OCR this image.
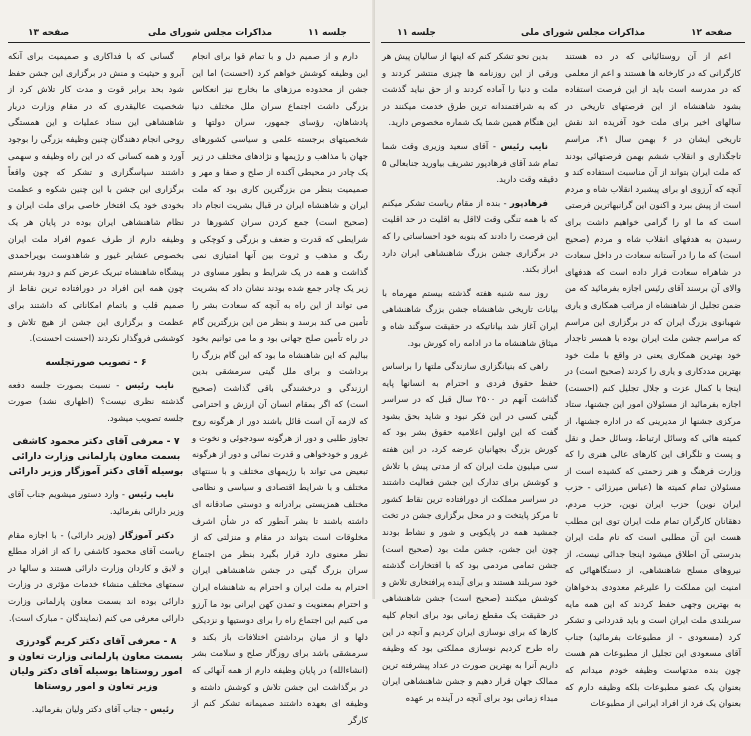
صفحه ۱۳	مذاکرات مجلس شورای ملی	جلسه ۱۱

گسانی که با فداکاری و صمیمیت برای آنکه آبرو و حیثیت و منش در برگزاری این جشن حفظ شود بحد برابر قوت و مدت کار تلاش کرد از شخصیت عالیقدری که در مقام وزارت دربار شاهنشاهی این ستاد عملیات و این همستگی روحی انجام دهندگان چنین وظیفه بزرگی را بوجود آورد و همه کسانی که در این راه وظیفه و سهمی داشتند سپاسگزاری و تشکر که چون واقعاً برگزاری این جشن با این چنین شکوه و عظمت بخودی خود یک افتخار خاصی برای ملت ایران و نظام شاهنشاهی ایران بوده در پایان هر یک وظیفه دارم از طرف عموم افراد ملت ایران بخصوص عشایر غیور و شاهدوست بویراحمدی پیشگاه شاهنشاه تبریک عرض کنم و درود بفرستم چون همه این افراد در دورافتاده ترین نقاط از صمیم قلب و باتمام امکاناتی که داشتند برای عظمت و برگزاری این جشن از هیچ تلاش و کوششی فروگذار نکردند (احسنت احسنت).

۶ - تصویب صورتجلسه

نایب رئیس - نسبت بصورت جلسه دفعه گذشته نظری نیست؟ (اظهاری نشد) صورت جلسه تصویب میشود.

۷ - معرفی آقای دکتر محمود کاشفی بسمت معاون پارلمانی وزارت دارائی بوسیله آقای دکتر آموزگار وزیر دارائی

نایب رئیس - وارد دستور میشویم جناب آقای وزیر دارائی بفرمائید.

دکتر آموزگار (وزیر دارائی) - با اجازه مقام ریاست آقای محمود کاشفی را که از افراد مطلع و لایق و کاردان وزارت دارائی هستند و سالها در سمتهای مختلف منشاء خدمات مؤثری در وزارت دارائی بوده اند بسمت معاون پارلمانی وزارت دارائی معرفی می کنم (نمایندگان - مبارک است).

۸ - معرفی آقای دکتر کریم گودرزی بسمت معاون پارلمانی وزارت تعاون و امور روستاها بوسیله آقای دکتر ولیان وزیر تعاون و امور روستاها

رئیس - جناب آقای دکتر ولیان بفرمائید.

دارم و از صمیم دل و با تمام قوا برای انجام این وظیفه کوشش خواهم کرد (احسنت) اما این جشن از محدوده مرزهای ما بخارج نیز انعکاس بزرگی داشت اجتماع سران ملل مختلف دنیا پادشاهان، رؤسای جمهور، سران دولتها و شخصیتهای برجسته علمی و سیاسی کشورهای جهان با مذاهب و رژیمها و نژادهای مختلف در زیر یک چادر در محیطی آکنده از صلح و صفا و مهر و صمیمیت بنظر من بزرگترین کاری بود که ملت ایران و شاهنشاه ایران در قبال بشریت انجام داد (صحیح است) جمع کردن سران کشورها در شرایطی که قدرت و ضعف و بزرگی و کوچکی و رنگ و مذهب و ثروت بین آنها امتیازی نمی گذاشت و همه در یک شرایط و بطور مساوی در زیر یک چادر جمع شده بودند نشان داد که بشریت می تواند از این راه به آنچه که سعادت بشر را تأمین می کند برسد و بنظر من این بزرگترین گام در راه تأمین صلح جهانی بود و ما می توانیم بخود ببالیم که این شاهنشاه ما بود که این گام بزرگ را برداشت و برای ملل گیتی سرمشقی بدین ارزندگی و درخشندگی باقی گذاشت (صحیح است) که اگر بمقام انسان آن ارزش و احترامی که لازمه آن است قائل باشند دور از هرگونه روح تجاوز طلبی و دور از هرگونه سودجوئی و نخوت و غرور و خودخواهی و قدرت نمائی و دور از هرگونه تبعیض می تواند با رژیمهای مختلف و با سنتهای مختلف و با شرایط اقتصادی و سیاسی و نظامی مختلف همزیستی برادرانه و دوستی صادقانه ای داشته باشند تا بشر آنطور که در شأن اشرف مخلوقات است بتواند در مقام و منزلتی که از نظر معنوی دارد قرار بگیرد بنظر من اجتماع سران بزرگ گیتی در جشن شاهنشاهی ایران احترام به ملت ایران و احترام به شاهنشاه ایران و احترام بمعنویت و تمدن کهن ایرانی بود ما آرزو می کنیم این اجتماع راه را برای دوستیها و نزدیکی دلها و از میان برداشتن اختلافات باز بکند و سرمشقی باشد برای روزگار صلح و سلامت بشر (انشاءالله) در پایان وظیفه دارم از همه آنهائی که در برگذاشت این جشن تلاش و کوشش داشته و وظیفه ای بعهده داشتند صمیمانه تشکر کنم از کارگر

جلسه ۱۱	مذاکرات مجلس شورای ملی	صفحه ۱۲

بدین نحو تشکر کنم که اینها از سالیان پیش هر ورقی از این روزنامه ها چیزی منتشر کردند و ملت و دنیا را آماده کردند و از حق نباید گذشت که به شرافتمندانه ترین طرق خدمت میکنند در این هنگام همین شما یک شماره مخصوص دارید.

نایب رئیس - آقای سعید وزیری وقت شما تمام شد آقای فرهادپور تشریف بیاورید جنابعالی ۵ دقیقه وقت دارید.

فرهادپور - بنده از مقام ریاست تشکر میکنم که با همه تنگی وقت لااقل به اقلیت در حد اقلیت این فرصت را دادند که بنوبه خود احساساتی را که در برگزاری جشن بزرگ شاهنشاهی ایران دارد ابراز بکند.

روز سه شنبه هفته گذشته بیستم مهرماه با بیانات تاریخی شاهنشاه جشن بزرگ شاهنشاهی ایران آغاز شد بیاناتیکه در حقیقت سوگند شاه و میثاق شاهنشاه ما در ادامه راه کورش بود.

راهی که بنیانگزاری سازندگی ملتها را براساس حفظ حقوق فردی و احترام به انسانها پایه گذاشت آنهم در ۲۵۰۰ سال قبل که در سراسر گیتی کسی در این فکر نبود و شاید بحق بشود گفت که این اولین اعلامیه حقوق بشر بود که کورش بزرگ بجهانیان عرضه کرد، در این هفته سی میلیون ملت ایران که از مدتی پیش با تلاش و کوشش برای تدارک این جشن فعالیت داشتند در سراسر مملکت از دورافتاده ترین نقاط کشور تا مرکز پایتخت و در محل برگزاری جشن در تخت جمشید همه در پایکوبی و شور و نشاط بودند چون این جشن، جشن ملت بود (صحیح است) جشن تمامی مردمی بود که با افتخارات گذشته خود سربلند هستند و برای آینده پرافتخاری تلاش و کوشش میکنند (صحیح است) جشن شاهنشاهی در حقیقت یک مقطع زمانی بود برای انجام کلیه کارها که برای نوسازی ایران کردیم و آنچه در این راه طرح کردیم نوسازی مملکتی بود که وظیفه داریم آنرا به بهترین صورت در عداد پیشرفته ترین ممالک جهان قرار دهیم و جشن شاهنشاهی ایران مبداء زمانی بود برای آنچه در آینده بر عهده

اعم از آن روستائیانی که در ده هستند کارگرانی که در کارخانه ها هستند و اعم از معلمی که در مدرسه است باید از این فرصت استفاده بشود شاهنشاه از این فرصتهای تاریخی در سالهای اخیر برای ملت خود آفریده اند نقش تاریخی ایشان در ۶ بهمن سال ۴۱، مراسم تاجگذاری و انقلاب ششم بهمن فرصتهائی بودند که ملت ایران بتواند از آن مناسبت استفاده کند و آنچه که آرزوی او برای پیشبرد انقلاب شاه و مردم است از پیش ببرد و اکنون این گرانبهاترین فرصتی است که ما او را گرامی خواهیم داشت برای رسیدن به هدفهای انقلاب شاه و مردم (صحیح است) که ما را در آستانه سعادت در داخل سعادت در شاهراه سعادت قرار داده است که هدفهای والای آن برسند آقای رئیس اجازه بفرمائید که من ضمن تجلیل از شاهنشاه از مراتب همکاری و یاری شهبانوی بزرگ ایران که در برگزاری این مراسم که مراسم جشن ملت ایران بوده با همسر تاجدار خود بهترین همکاری یعنی در واقع با ملت خود بهترین مددکاری و یاری را کردند (صحیح است) در اینجا با کمال عزت و جلال تجلیل کنم (احسنت) اجازه بفرمائید از مسئولان امور این جشنها، ستاد مرکزی جشنها از مدیرینی که در اداره جشنها، از کمیته هائی که وسائل ارتباط، وسائل حمل و نقل و پست و تلگراف این کارهای عالی هنری را که وزارت فرهنگ و هنر زحمتی که کشیده است از مسئولان تمام کمیته ها (عباس میرزائی - حزب ایران نوین) حزب ایران نوین، حزب مردم، دهقانان کارگران تمام ملت ایران توی این مطلب هست این آن مطلبی است که نام ملت ایران بدرستی آن اطلاق میشود اینجا جدائی نیست، از نیروهای مسلح شاهنشاهی، از دستگاههائی که امنیت این مملکت را علیرغم معدودی بدخواهان به بهترین وجهی حفظ کردند که این همه مایه سربلندی ملت ایران است و باید قدردانی و تشکر کرد (مسعودی - از مطبوعات بفرمائید) جناب آقای مسعودی این تجلیل از مطبوعات هم هست چون بنده مدتهاست وظیفه خودم میدانم که بعنوان یک عضو مطبوعات بلکه وظیفه دارم که بعنوان یک فرد از افراد ایرانی از مطبوعات
